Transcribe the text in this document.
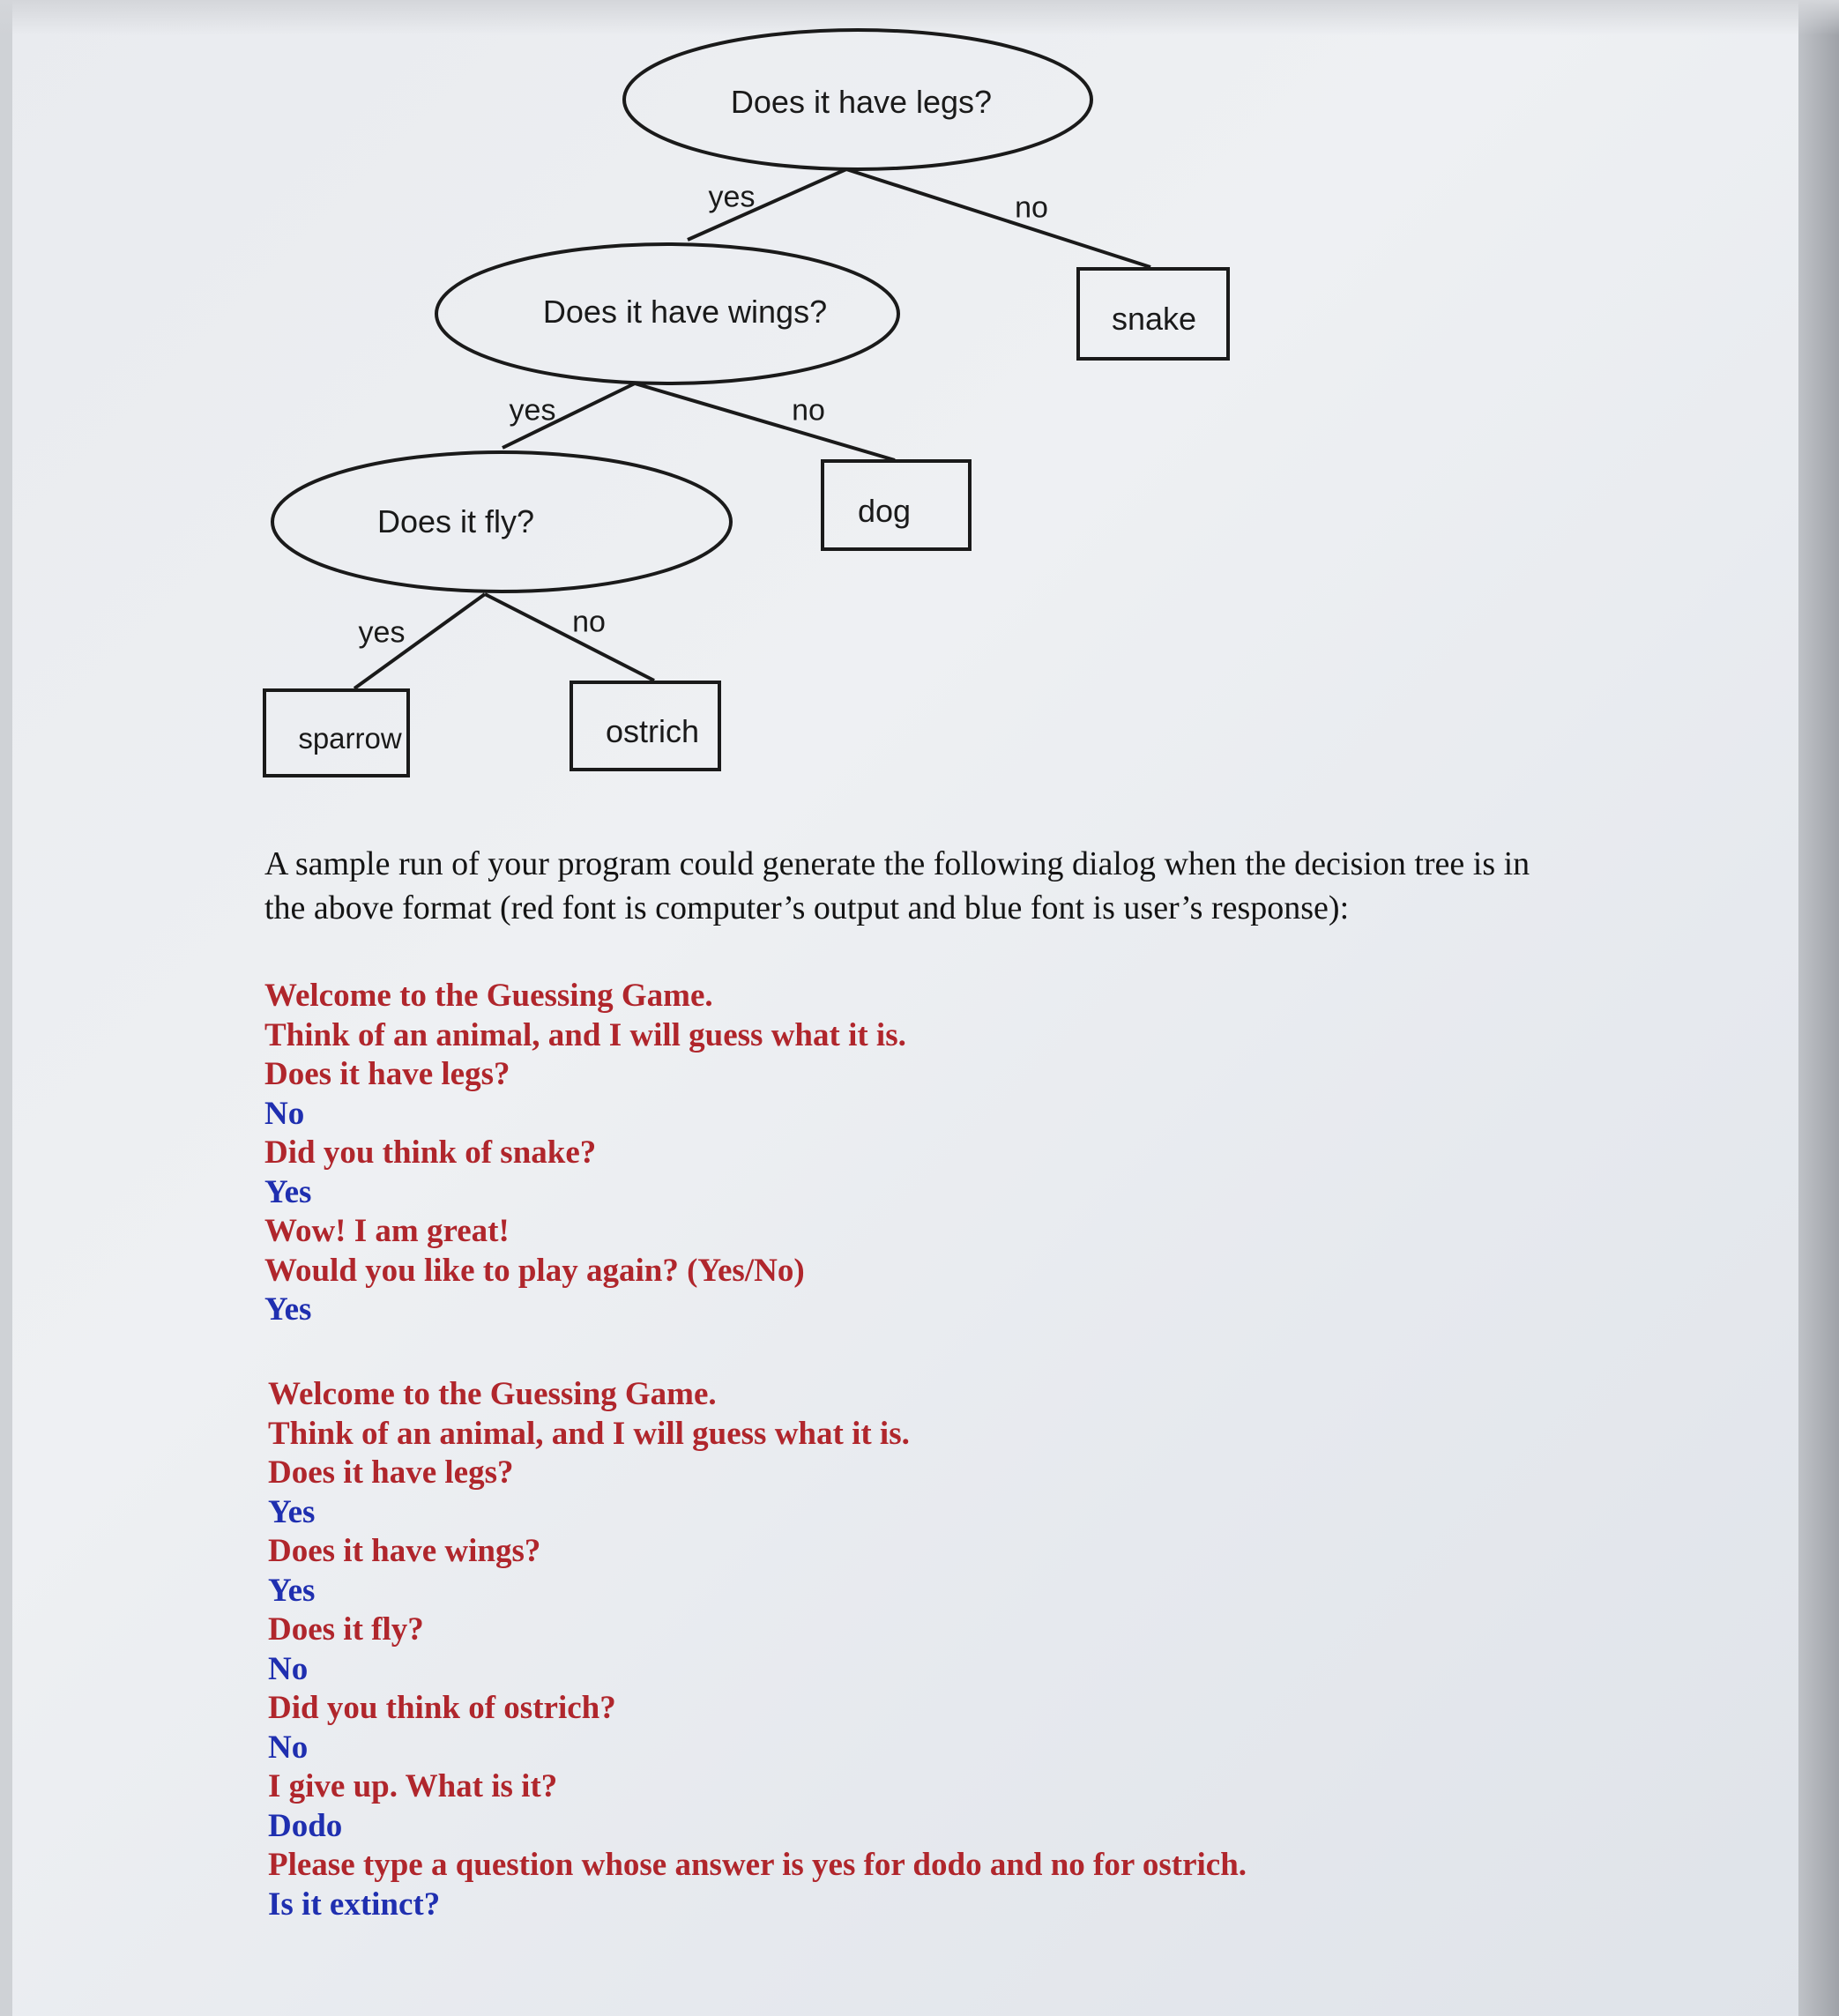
Does it have legs?
Does it have wings?
Does it fly?
snake
dog
sparrow	ostrich
yes	no
yes	no
yes	no
A sample run of your program could generate the following dialog when the decision tree is in the above format (red font is computer’s output and blue font is user’s response):
Welcome to the Guessing Game.
Think of an animal, and I will guess what it is.
Does it have legs?
No
Did you think of snake?
Yes
Wow! I am great!
Would you like to play again? (Yes/No)
Yes
Welcome to the Guessing Game.
Think of an animal, and I will guess what it is.
Does it have legs?
Yes
Does it have wings?
Yes
Does it fly?
No
Did you think of ostrich?
No
I give up. What is it?
Dodo
Please type a question whose answer is yes for dodo and no for ostrich.
Is it extinct?
